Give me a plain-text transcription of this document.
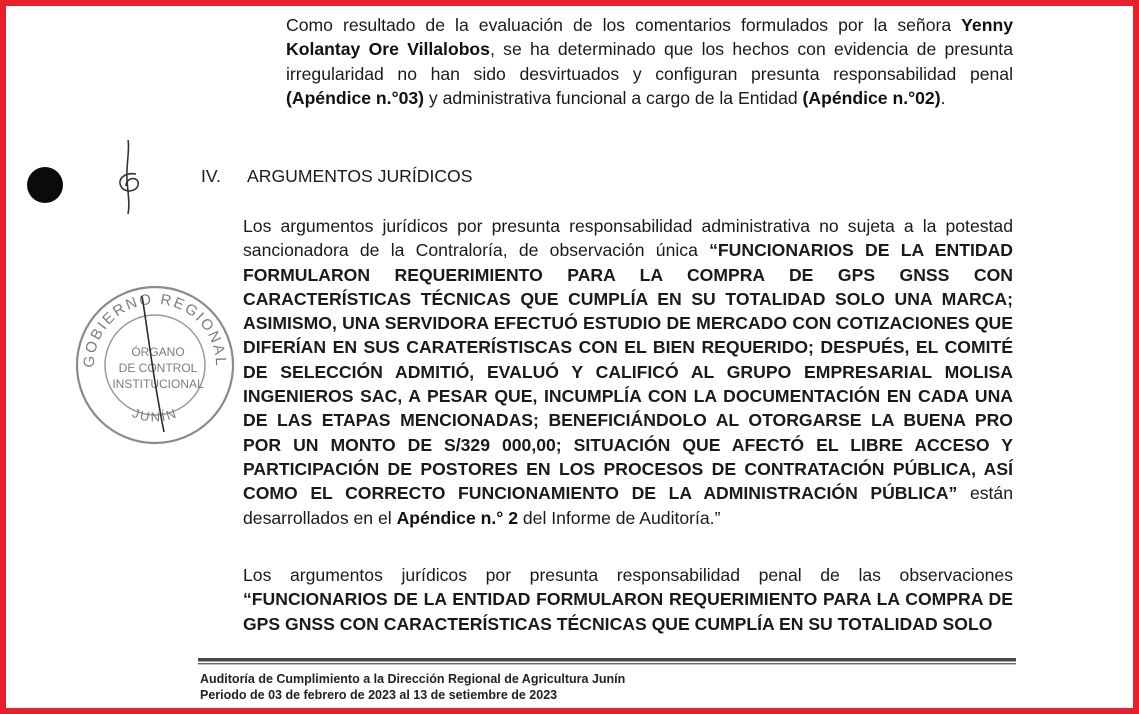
Como resultado de la evaluación de los comentarios formulados por la señora Yenny Kolantay Ore Villalobos, se ha determinado que los hechos con evidencia de presunta irregularidad no han sido desvirtuados y configuran presunta responsabilidad penal (Apéndice n.°03) y administrativa funcional a cargo de la Entidad (Apéndice n.°02).

IV. ARGUMENTOS JURÍDICOS

Los argumentos jurídicos por presunta responsabilidad administrativa no sujeta a la potestad sancionadora de la Contraloría, de observación única “FUNCIONARIOS DE LA ENTIDAD FORMULARON REQUERIMIENTO PARA LA COMPRA DE GPS GNSS CON CARACTERÍSTICAS TÉCNICAS QUE CUMPLÍA EN SU TOTALIDAD SOLO UNA MARCA; ASIMISMO, UNA SERVIDORA EFECTUÓ ESTUDIO DE MERCADO CON COTIZACIONES QUE DIFERÍAN EN SUS CARATERÍSTISCAS CON EL BIEN REQUERIDO; DESPUÉS, EL COMITÉ DE SELECCIÓN ADMITIÓ, EVALUÓ Y CALIFICÓ AL GRUPO EMPRESARIAL MOLISA INGENIEROS SAC, A PESAR QUE, INCUMPLÍA CON LA DOCUMENTACIÓN EN CADA UNA DE LAS ETAPAS MENCIONADAS; BENEFICIÁNDOLO AL OTORGARSE LA BUENA PRO POR UN MONTO DE S/329 000,00; SITUACIÓN QUE AFECTÓ EL LIBRE ACCESO Y PARTICIPACIÓN DE POSTORES EN LOS PROCESOS DE CONTRATACIÓN PÚBLICA, ASÍ COMO EL CORRECTO FUNCIONAMIENTO DE LA ADMINISTRACIÓN PÚBLICA” están desarrollados en el Apéndice n.° 2 del Informe de Auditoría.”

GOBIERNO REGIONAL
JUNÍN
ÓRGANO
DE CONTROL
INSTITUCIONAL

Los argumentos jurídicos por presunta responsabilidad penal de las observaciones “FUNCIONARIOS DE LA ENTIDAD FORMULARON REQUERIMIENTO PARA LA COMPRA DE GPS GNSS CON CARACTERÍSTICAS TÉCNICAS QUE CUMPLÍA EN SU TOTALIDAD SOLO

Auditoría de Cumplimiento a la Dirección Regional de Agricultura Junín
Periodo de 03 de febrero de 2023 al 13 de setiembre de 2023
